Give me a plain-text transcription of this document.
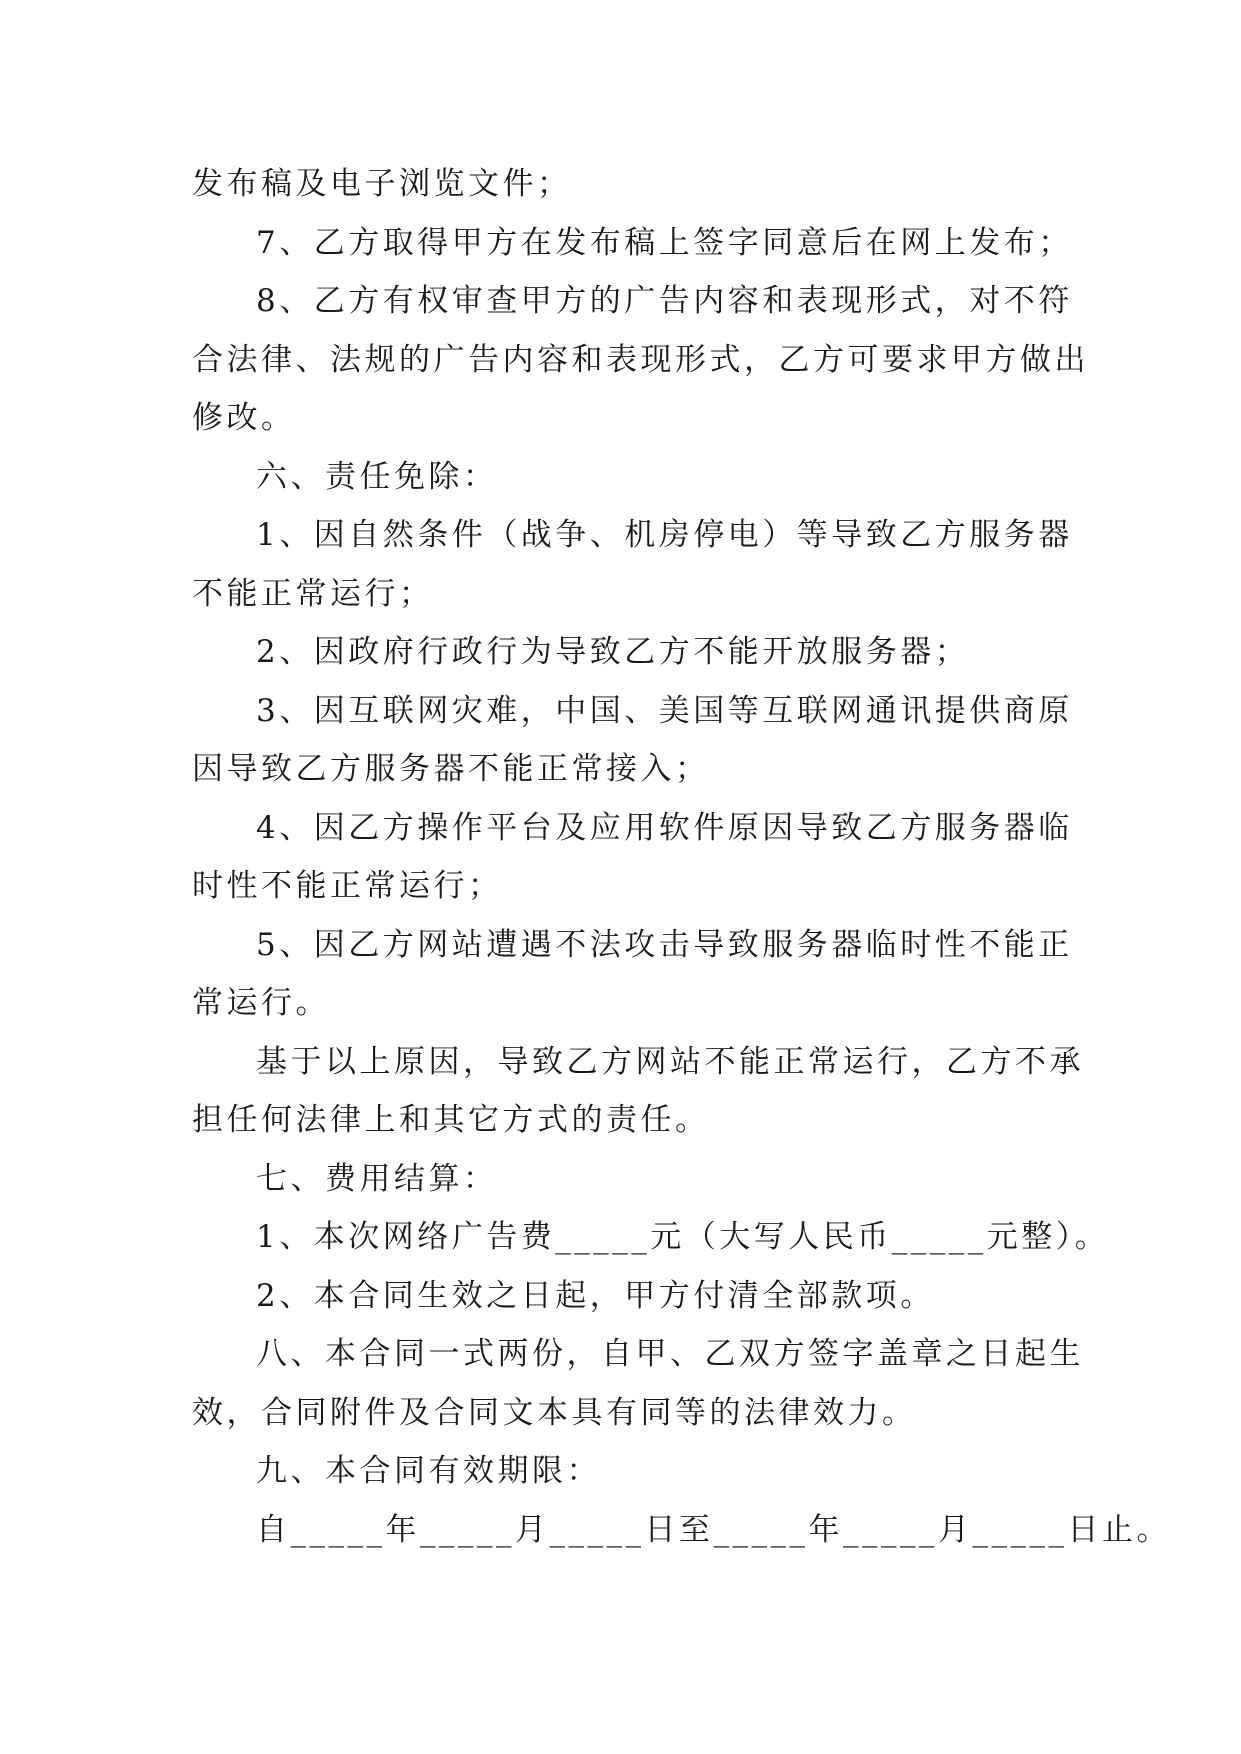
发布稿及电子浏览文件；
7、乙方取得甲方在发布稿上签字同意后在网上发布；
8、乙方有权审查甲方的广告内容和表现形式，对不符
合法律、法规的广告内容和表现形式，乙方可要求甲方做出
修改。
六、责任免除：
1、因自然条件（战争、机房停电）等导致乙方服务器
不能正常运行；
2、因政府行政行为导致乙方不能开放服务器；
3、因互联网灾难，中国、美国等互联网通讯提供商原
因导致乙方服务器不能正常接入；
4、因乙方操作平台及应用软件原因导致乙方服务器临
时性不能正常运行；
5、因乙方网站遭遇不法攻击导致服务器临时性不能正
常运行。
基于以上原因，导致乙方网站不能正常运行，乙方不承
担任何法律上和其它方式的责任。
七、费用结算：
1、本次网络广告费_____元（大写人民币_____元整）。
2、本合同生效之日起，甲方付清全部款项。
八、本合同一式两份，自甲、乙双方签字盖章之日起生
效，合同附件及合同文本具有同等的法律效力。
九、本合同有效期限：
自_____年_____月_____日至_____年_____月_____日止。
